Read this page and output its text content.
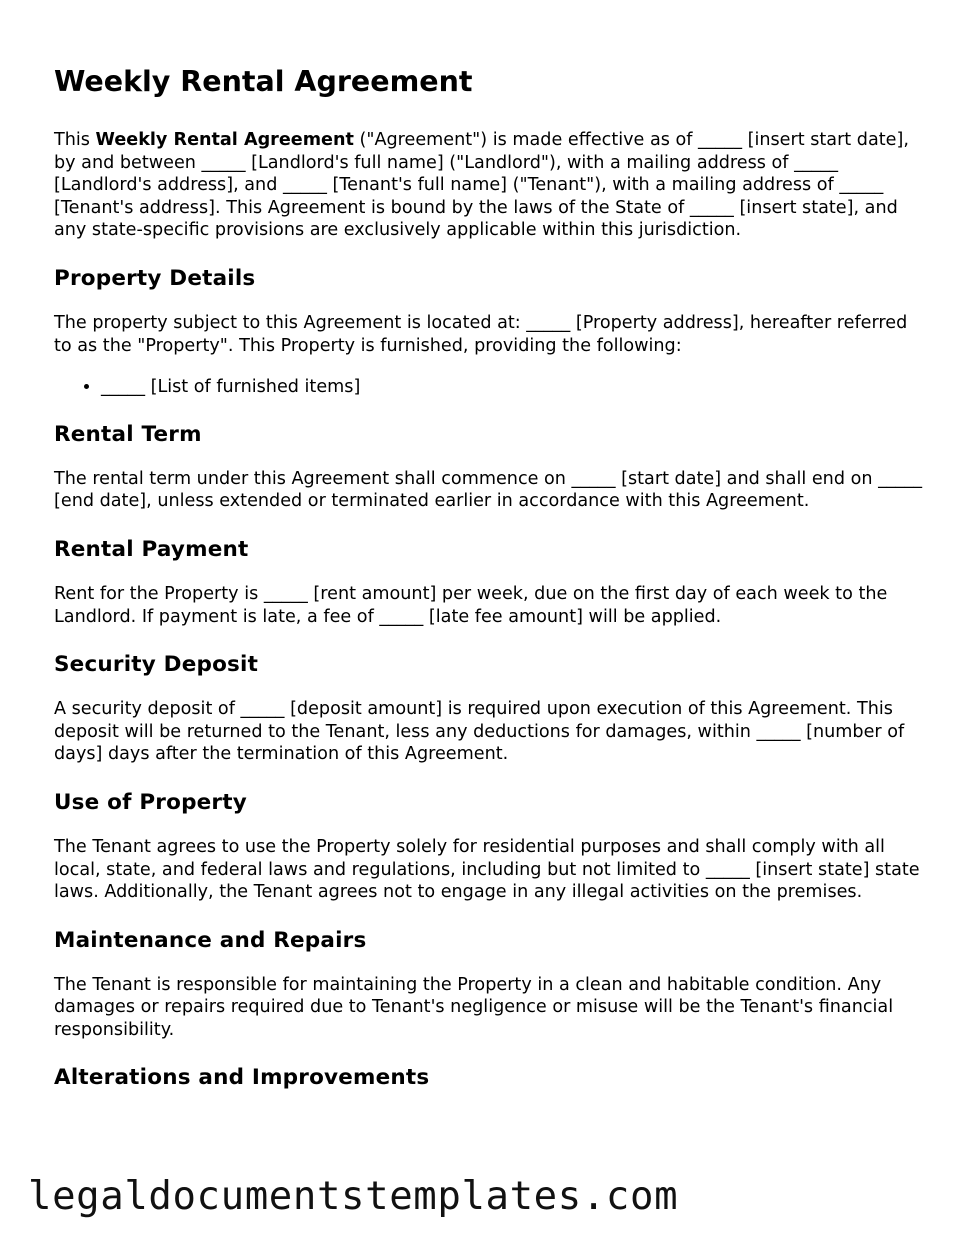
Weekly Rental Agreement

This Weekly Rental Agreement ("Agreement") is made effective as of _____ [insert start date], by and between _____ [Landlord's full name] ("Landlord"), with a mailing address of _____ [Landlord's address], and _____ [Tenant's full name] ("Tenant"), with a mailing address of _____ [Tenant's address]. This Agreement is bound by the laws of the State of _____ [insert state], and any state-specific provisions are exclusively applicable within this jurisdiction.

Property Details

The property subject to this Agreement is located at: _____ [Property address], hereafter referred to as the "Property". This Property is furnished, providing the following:

• _____ [List of furnished items]
Rental Term

The rental term under this Agreement shall commence on _____ [start date] and shall end on _____ [end date], unless extended or terminated earlier in accordance with this Agreement.

Rental Payment

Rent for the Property is _____ [rent amount] per week, due on the first day of each week to the Landlord. If payment is late, a fee of _____ [late fee amount] will be applied.

Security Deposit

A security deposit of _____ [deposit amount] is required upon execution of this Agreement. This deposit will be returned to the Tenant, less any deductions for damages, within _____ [number of days] days after the termination of this Agreement.

Use of Property

The Tenant agrees to use the Property solely for residential purposes and shall comply with all local, state, and federal laws and regulations, including but not limited to _____ [insert state] state laws. Additionally, the Tenant agrees not to engage in any illegal activities on the premises.

Maintenance and Repairs

The Tenant is responsible for maintaining the Property in a clean and habitable condition. Any damages or repairs required due to Tenant's negligence or misuse will be the Tenant's financial responsibility.

Alterations and Improvements
legaldocumentstemplates.com
